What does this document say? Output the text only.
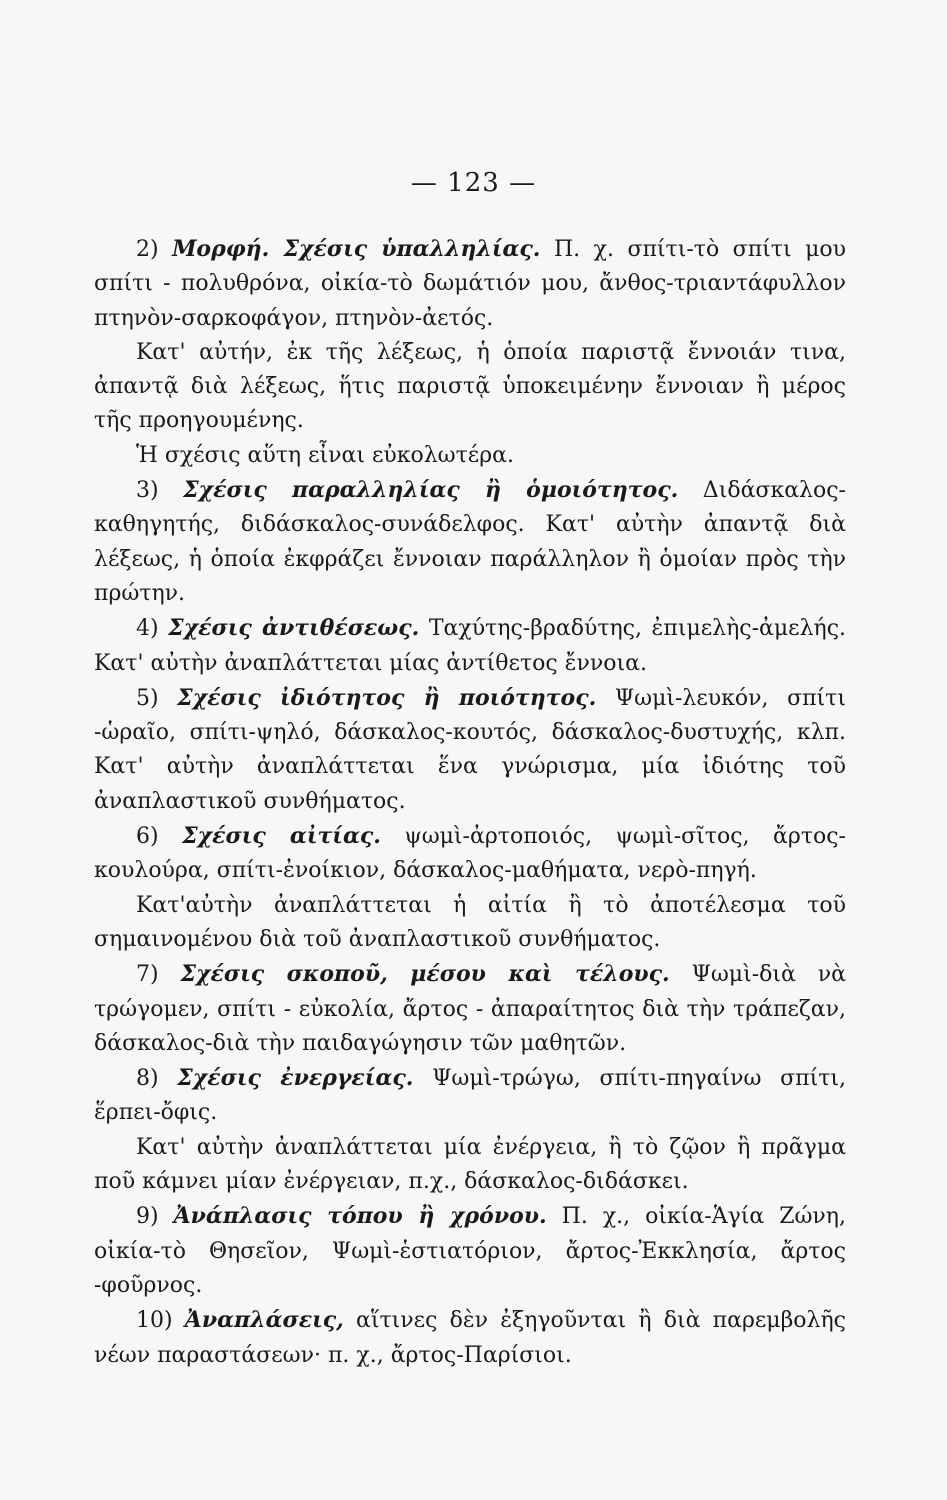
— 123 —

2) Μορφή. Σχέσις ὑπαλληλίας. Π. χ. σπίτι-τὸ σπίτι μου σπίτι - πολυθρόνα, οἰκία-τὸ δωμάτιόν μου, ἄνθος-τριαντάφυλλον πτηνὸν-σαρκοφάγον, πτηνὸν-ἀετός.

Κατ' αὐτήν, ἐκ τῆς λέξεως, ἡ ὁποία παριστᾷ ἔννοιάν τινα, ἀπαντᾷ διὰ λέξεως, ἥτις παριστᾷ ὑποκειμένην ἔννοιαν ἢ μέρος τῆς προηγουμένης.

Ἡ σχέσις αὕτη εἶναι εὐκολωτέρα.

3) Σχέσις παραλληλίας ἢ ὁμοιότητος. Διδάσκαλος-καθηγητής, διδάσκαλος-συνάδελφος. Κατ' αὐτὴν ἀπαντᾷ διὰ λέξεως, ἡ ὁποία ἐκφράζει ἔννοιαν παράλληλον ἢ ὁμοίαν πρὸς τὴν πρώτην.

4) Σχέσις ἀντιθέσεως. Ταχύτης-βραδύτης, ἐπιμελὴς-ἀμελής. Κατ' αὐτὴν ἀναπλάττεται μίας ἀντίθετος ἔννοια.

5) Σχέσις ἰδιότητος ἢ ποιότητος. Ψωμὶ-λευκόν, σπίτι -ὡραῖο, σπίτι-ψηλό, δάσκαλος-κουτός, δάσκαλος-δυστυχής, κλπ. Κατ' αὐτὴν ἀναπλάττεται ἕνα γνώρισμα, μία ἰδιότης τοῦ ἀναπλαστικοῦ συνθήματος.

6) Σχέσις αἰτίας. ψωμὶ-ἀρτοποιός, ψωμὶ-σῖτος, ἄρτος-κουλούρα, σπίτι-ἐνοίκιον, δάσκαλος-μαθήματα, νερὸ-πηγή.

Κατ'αὐτὴν ἀναπλάττεται ἡ αἰτία ἢ τὸ ἀποτέλεσμα τοῦ σημαινομένου διὰ τοῦ ἀναπλαστικοῦ συνθήματος.

7) Σχέσις σκοποῦ, μέσου καὶ τέλους. Ψωμὶ-διὰ νὰ τρώγομεν, σπίτι - εὐκολία, ἄρτος - ἀπαραίτητος διὰ τὴν τράπεζαν, δάσκαλος-διὰ τὴν παιδαγώγησιν τῶν μαθητῶν.

8) Σχέσις ἐνεργείας. Ψωμὶ-τρώγω, σπίτι-πηγαίνω σπίτι, ἕρπει-ὄφις.

Κατ' αὐτὴν ἀναπλάττεται μία ἐνέργεια, ἢ τὸ ζῷον ἢ πρᾶγμα ποῦ κάμνει μίαν ἐνέργειαν, π.χ., δάσκαλος-διδάσκει.

9) Ἀνάπλασις τόπου ἢ χρόνου. Π. χ., οἰκία-Ἁγία Ζώνη, οἰκία-τὸ Θησεῖον, Ψωμὶ-ἑστιατόριον, ἄρτος-Ἐκκλησία, ἄρτος -φοῦρνος.

10) Ἀναπλάσεις, αἵτινες δὲν ἐξηγοῦνται ἢ διὰ παρεμβολῆς νέων παραστάσεων· π. χ., ἄρτος-Παρίσιοι.
